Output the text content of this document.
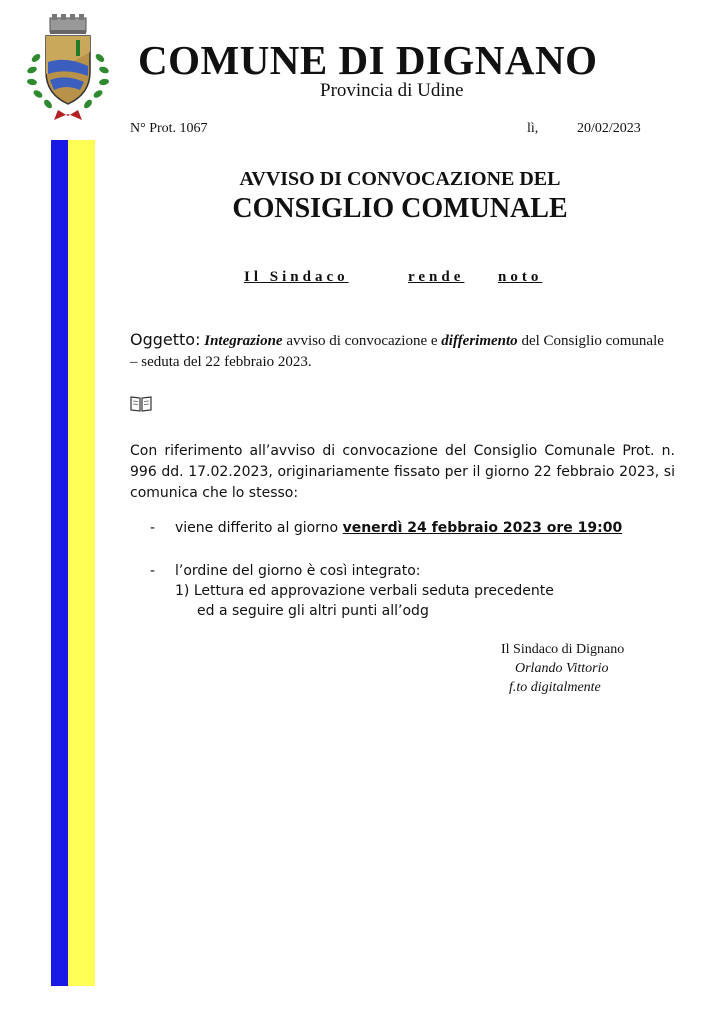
COMUNE DI DIGNANO
Provincia di Udine
N° Prot. 1067	lì,	20/02/2023
AVVISO DI CONVOCAZIONE DEL
CONSIGLIO COMUNALE
Il Sindaco	rende noto
Oggetto: Integrazione avviso di convocazione e differimento del Consiglio comunale – seduta del 22 febbraio 2023.
Con riferimento all’avviso di convocazione del Consiglio Comunale Prot. n. 996 dd. 17.02.2023, originariamente fissato per il giorno 22 febbraio 2023, si comunica che lo stesso:
- viene differito al giorno venerdì 24 febbraio 2023 ore 19:00
- l’ordine del giorno è così integrato:
1) Lettura ed approvazione verbali seduta precedente
ed a seguire gli altri punti all’odg
Il Sindaco di Dignano
Orlando Vittorio
f.to digitalmente
